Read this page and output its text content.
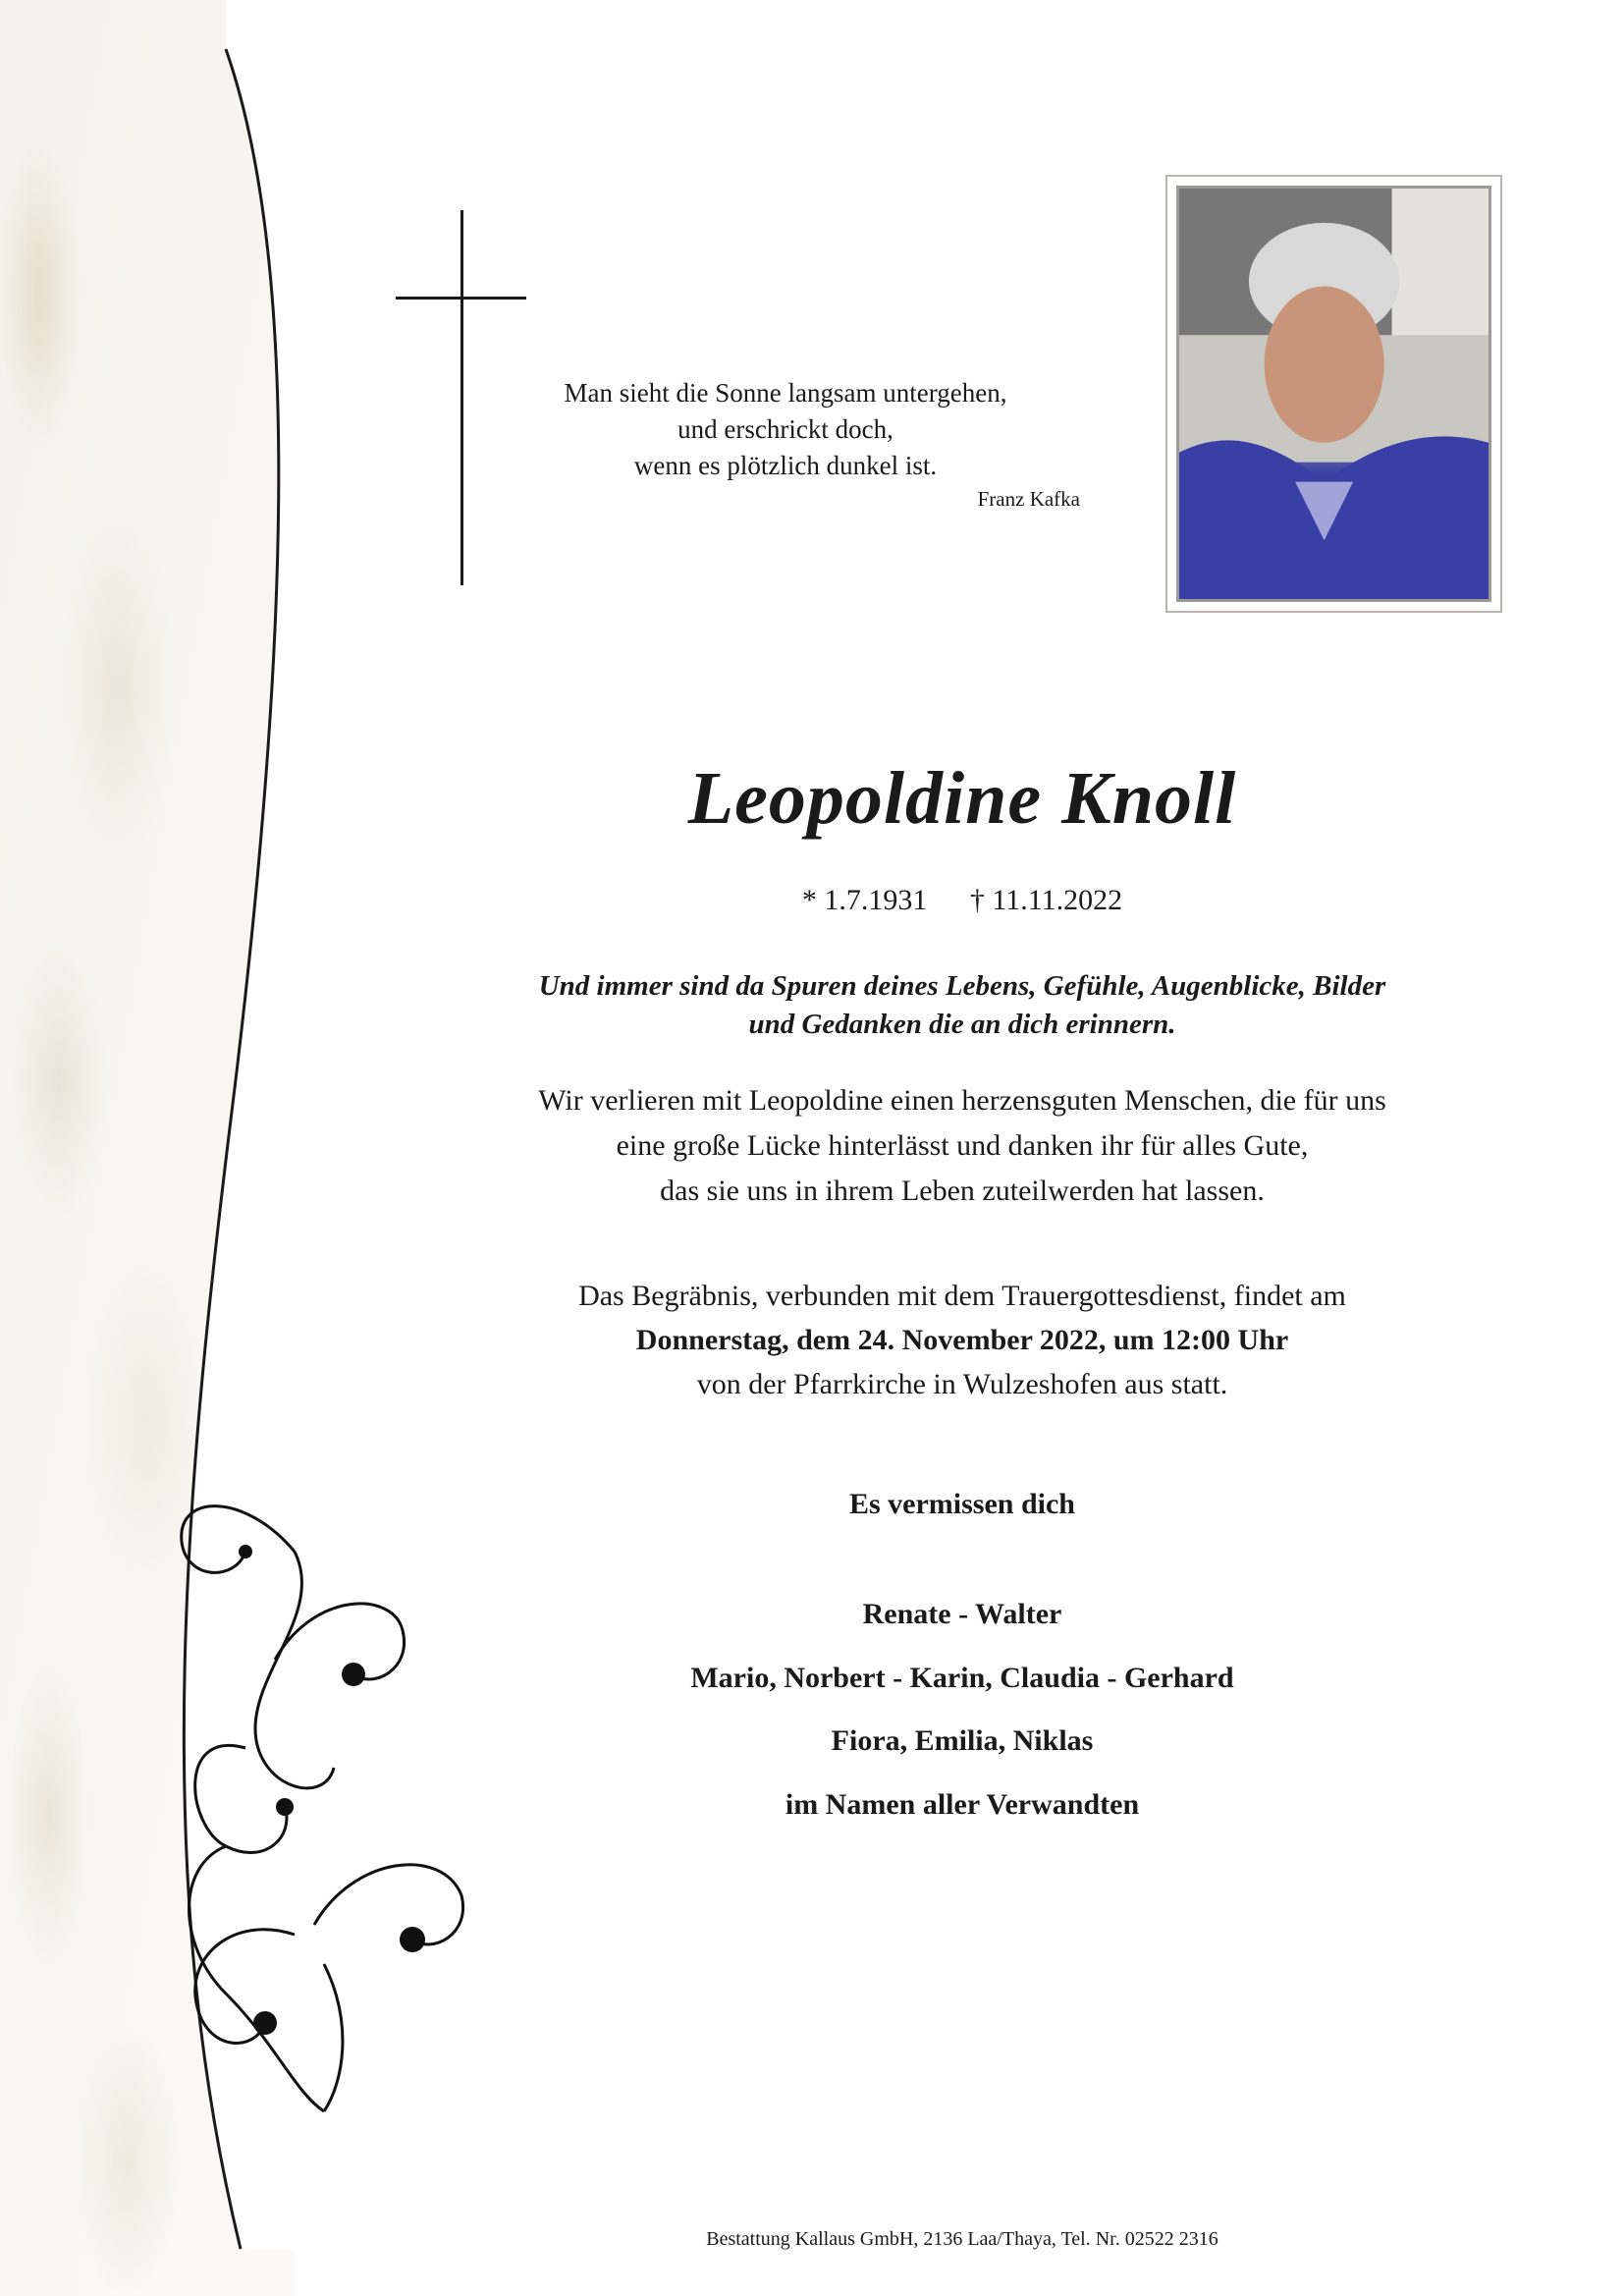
Man sieht die Sonne langsam untergehen,
und erschrickt doch,
wenn es plötzlich dunkel ist.
Franz Kafka
Leopoldine Knoll
* 1.7.1931 † 11.11.2022
Und immer sind da Spuren deines Lebens, Gefühle, Augenblicke, Bilder
und Gedanken die an dich erinnern.
Wir verlieren mit Leopoldine einen herzensguten Menschen, die für uns
eine große Lücke hinterlässt und danken ihr für alles Gute,
das sie uns in ihrem Leben zuteilwerden hat lassen.
Das Begräbnis, verbunden mit dem Trauergottesdienst, findet am
Donnerstag, dem 24. November 2022, um 12:00 Uhr
von der Pfarrkirche in Wulzeshofen aus statt.
Es vermissen dich
Renate - Walter
Mario, Norbert - Karin, Claudia - Gerhard
Fiora, Emilia, Niklas
im Namen aller Verwandten
Bestattung Kallaus GmbH, 2136 Laa/Thaya, Tel. Nr. 02522 2316
